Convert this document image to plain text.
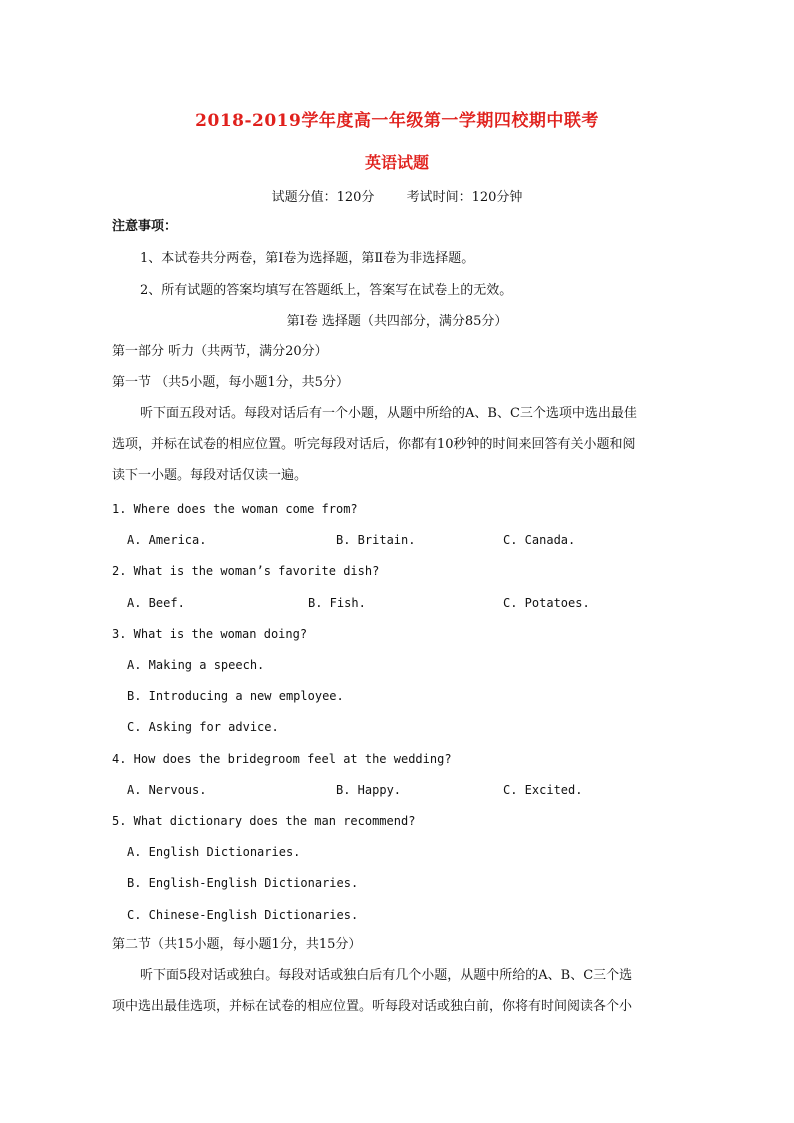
2018-2019学年度高一年级第一学期四校期中联考
英语试题
试题分值：120分 考试时间：120分钟
注意事项：
1、本试卷共分两卷，第Ⅰ卷为选择题，第Ⅱ卷为非选择题。
2、所有试题的答案均填写在答题纸上，答案写在试卷上的无效。
第Ⅰ卷 选择题（共四部分，满分85分）
第一部分 听力（共两节，满分20分）
第一节 （共5小题，每小题1分，共5分）
听下面五段对话。每段对话后有一个小题，从题中所给的A、B、C三个选项中选出最佳
选项，并标在试卷的相应位置。听完每段对话后，你都有10秒钟的时间来回答有关小题和阅
读下一小题。每段对话仅读一遍。
1. Where does the woman come from?
A. America.	B. Britain.	C. Canada.
2. What is the woman’s favorite dish?
A. Beef.	B. Fish.	C. Potatoes.
3. What is the woman doing?
A. Making a speech.
B. Introducing a new employee.
C. Asking for advice.
4. How does the bridegroom feel at the wedding?
A. Nervous.	B. Happy.	C. Excited.
5. What dictionary does the man recommend?
A. English Dictionaries.
B. English-English Dictionaries.
C. Chinese-English Dictionaries.
第二节（共15小题，每小题1分，共15分）
听下面5段对话或独白。每段对话或独白后有几个小题，从题中所给的A、B、C三个选
项中选出最佳选项，并标在试卷的相应位置。听每段对话或独白前，你将有时间阅读各个小
